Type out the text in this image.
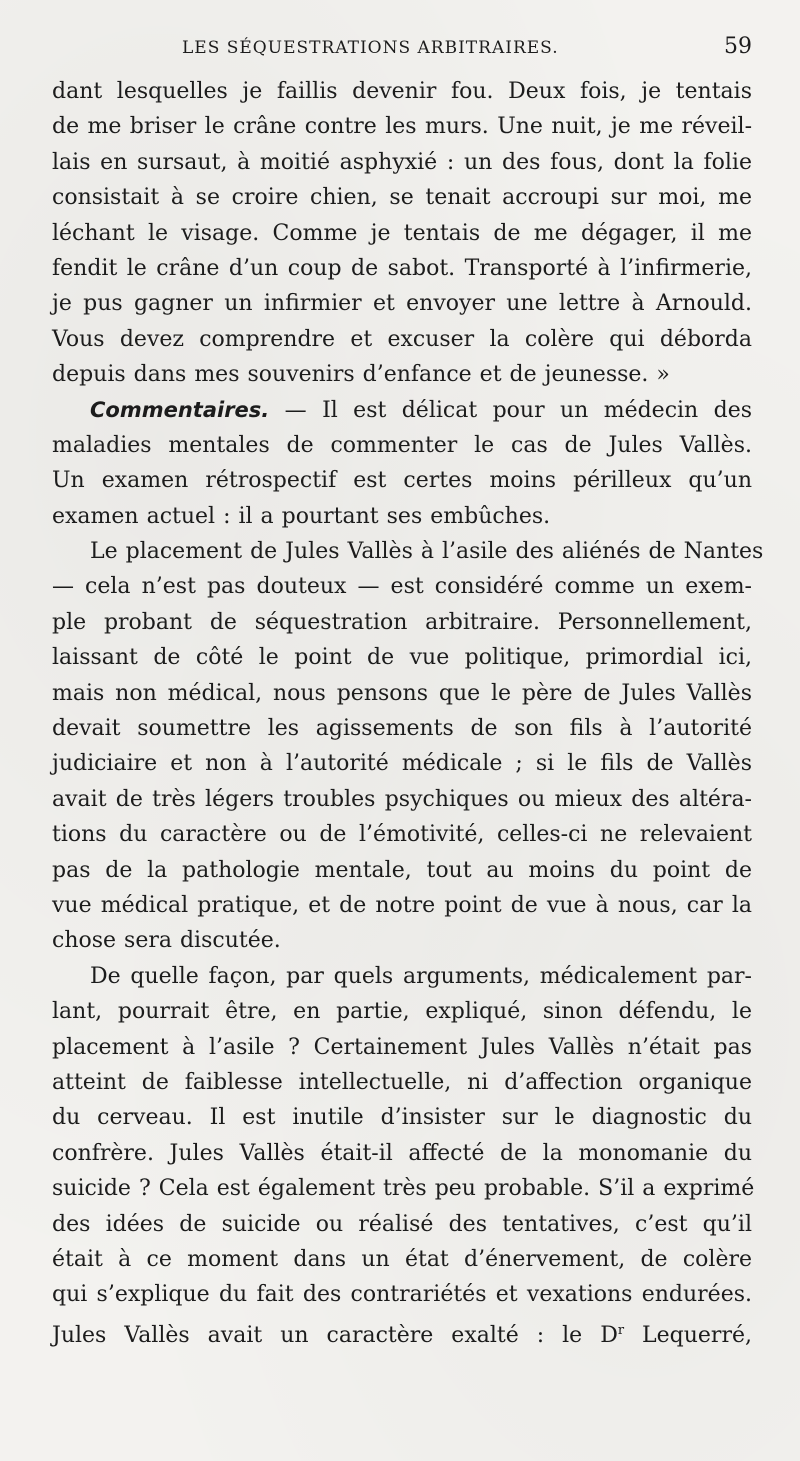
LES SÉQUESTRATIONS ARBITRAIRES.	59
dant lesquelles je faillis devenir fou. Deux fois, je tentais
de me briser le crâne contre les murs. Une nuit, je me réveil-
lais en sursaut, à moitié asphyxié : un des fous, dont la folie
consistait à se croire chien, se tenait accroupi sur moi, me
léchant le visage. Comme je tentais de me dégager, il me
fendit le crâne d’un coup de sabot. Transporté à l’infirmerie,
je pus gagner un infirmier et envoyer une lettre à Arnould.
Vous devez comprendre et excuser la colère qui déborda
depuis dans mes souvenirs d’enfance et de jeunesse. »
Commentaires. — Il est délicat pour un médecin des
maladies mentales de commenter le cas de Jules Vallès.
Un examen rétrospectif est certes moins périlleux qu’un
examen actuel : il a pourtant ses embûches.
Le placement de Jules Vallès à l’asile des aliénés de Nantes
— cela n’est pas douteux — est considéré comme un exem-
ple probant de séquestration arbitraire. Personnellement,
laissant de côté le point de vue politique, primordial ici,
mais non médical, nous pensons que le père de Jules Vallès
devait soumettre les agissements de son fils à l’autorité
judiciaire et non à l’autorité médicale ; si le fils de Vallès
avait de très légers troubles psychiques ou mieux des altéra-
tions du caractère ou de l’émotivité, celles-ci ne relevaient
pas de la pathologie mentale, tout au moins du point de
vue médical pratique, et de notre point de vue à nous, car la
chose sera discutée.
De quelle façon, par quels arguments, médicalement par-
lant, pourrait être, en partie, expliqué, sinon défendu, le
placement à l’asile ? Certainement Jules Vallès n’était pas
atteint de faiblesse intellectuelle, ni d’affection organique
du cerveau. Il est inutile d’insister sur le diagnostic du
confrère. Jules Vallès était-il affecté de la monomanie du
suicide ? Cela est également très peu probable. S’il a exprimé
des idées de suicide ou réalisé des tentatives, c’est qu’il
était à ce moment dans un état d’énervement, de colère
qui s’explique du fait des contrariétés et vexations endurées.
Jules Vallès avait un caractère exalté : le $D^r$ Lequerré,
